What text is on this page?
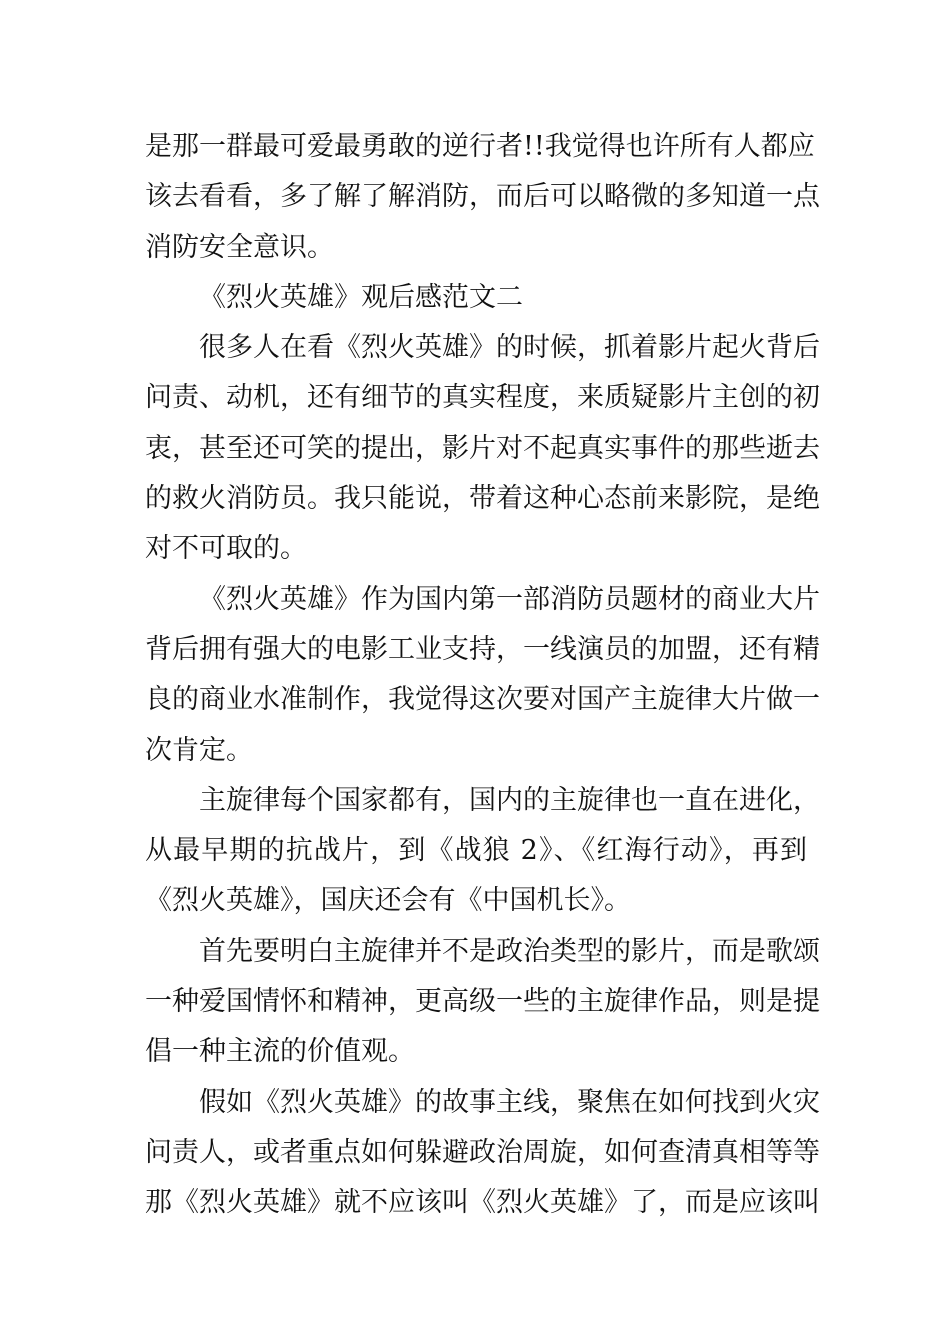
是那一群最可爱最勇敢的逆行者!!我觉得也许所有人都应
该去看看，多了解了解消防，而后可以略微的多知道一点
消防安全意识。

《烈火英雄》观后感范文二

很多人在看《烈火英雄》的时候，抓着影片起火背后
问责、动机，还有细节的真实程度，来质疑影片主创的初
衷，甚至还可笑的提出，影片对不起真实事件的那些逝去
的救火消防员。我只能说，带着这种心态前来影院，是绝
对不可取的。

《烈火英雄》作为国内第一部消防员题材的商业大片
背后拥有强大的电影工业支持，一线演员的加盟，还有精
良的商业水准制作，我觉得这次要对国产主旋律大片做一
次肯定。

主旋律每个国家都有，国内的主旋律也一直在进化，
从最早期的抗战片，到《战狼 2》、《红海行动》，再到
《烈火英雄》，国庆还会有《中国机长》。

首先要明白主旋律并不是政治类型的影片，而是歌颂
一种爱国情怀和精神，更高级一些的主旋律作品，则是提
倡一种主流的价值观。

假如《烈火英雄》的故事主线，聚焦在如何找到火灾
问责人，或者重点如何躲避政治周旋，如何查清真相等等
那《烈火英雄》就不应该叫《烈火英雄》了，而是应该叫
